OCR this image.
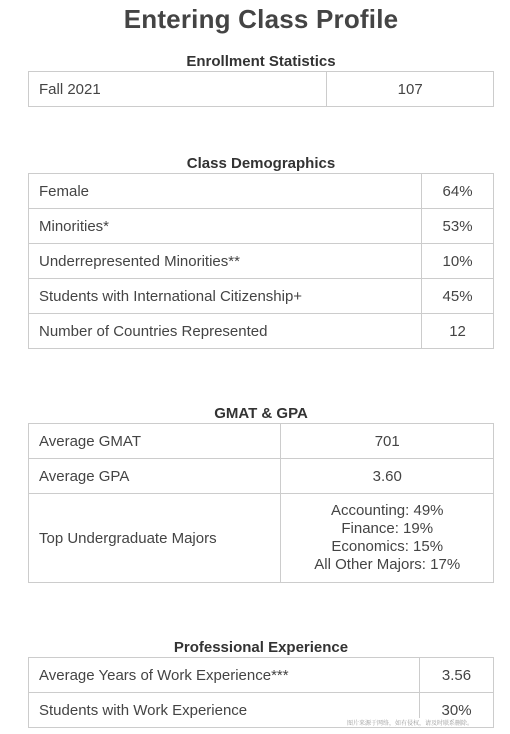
Entering Class Profile
Enrollment Statistics
Fall 2021	107
Class Demographics
Female	64%
Minorities*	53%
Underrepresented Minorities**	10%
Students with International Citizenship+	45%
Number of Countries Represented	12
GMAT & GPA
Average GMAT	701
Average GPA	3.60
Top Undergraduate Majors	Accounting: 49%
Finance: 19%
Economics: 15%
All Other Majors: 17%
Professional Experience
Average Years of Work Experience***	3.56
Students with Work Experience	30%
图片来源于网络，如有侵权，请及时联系删除。
